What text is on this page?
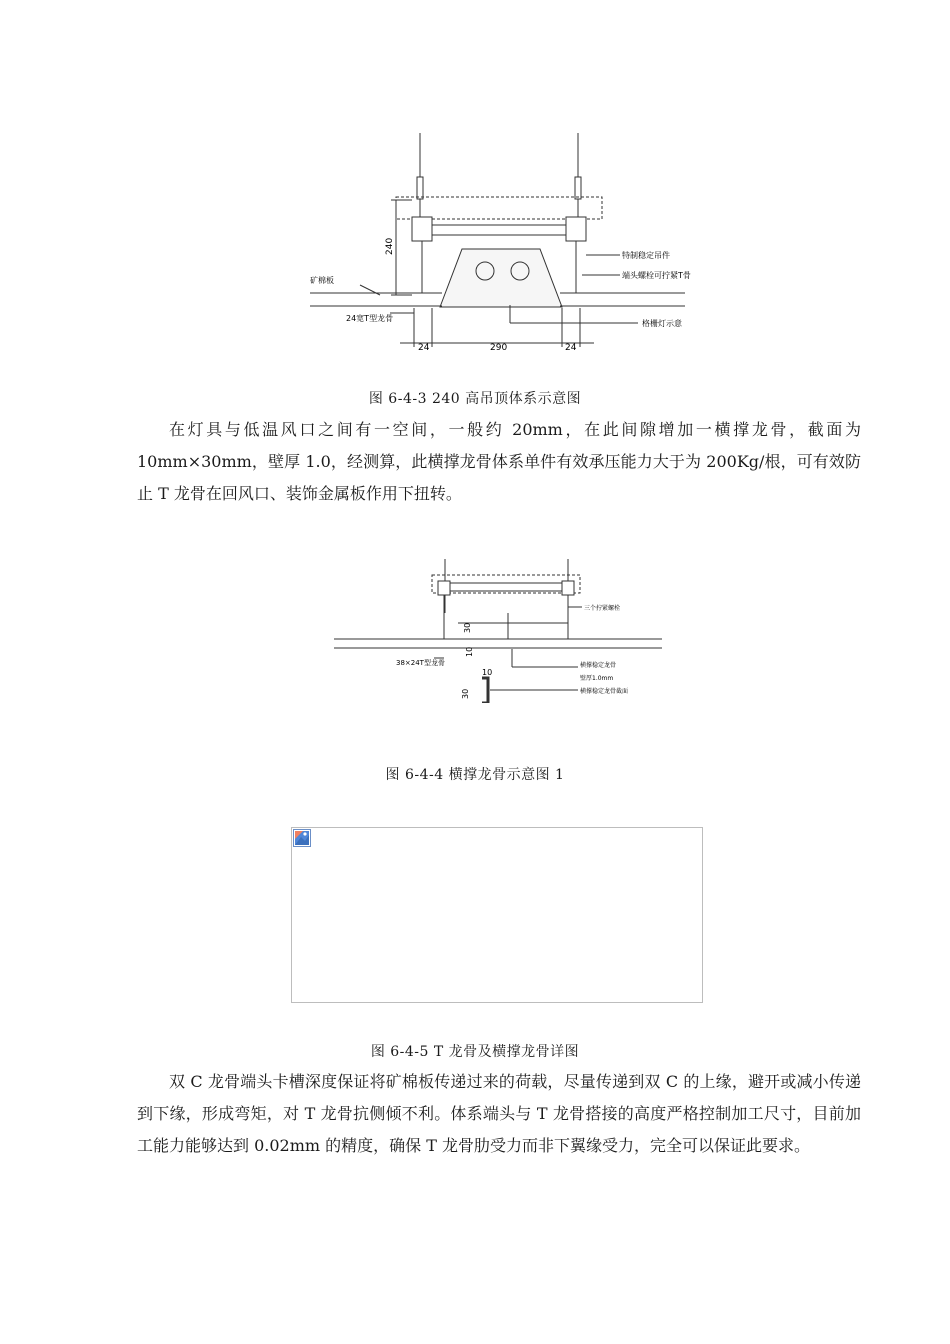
240
特制稳定吊件
端头螺栓可拧紧T骨
矿棉板
24宽T型龙骨
格栅灯示意
24	290	24
图 6-4-3 240 高吊顶体系示意图

在灯具与低温风口之间有一空间，一般约 20mm，在此间隙增加一横撑龙骨，截面为 10mm×30mm，壁厚 1.0，经测算，此横撑龙骨体系单件有效承压能力大于为 200Kg/根，可有效防止 T 龙骨在回风口、装饰金属板作用下扭转。

30
10
三个拧紧螺栓
38×24T型龙骨	横撑稳定龙骨
壁厚1.0mm
10
30	横撑稳定龙骨截面
图 6-4-4 横撑龙骨示意图 1
图 6-4-5 T 龙骨及横撑龙骨详图

双 C 龙骨端头卡槽深度保证将矿棉板传递过来的荷载，尽量传递到双 C 的上缘，避开或减小传递到下缘，形成弯矩，对 T 龙骨抗侧倾不利。体系端头与 T 龙骨搭接的高度严格控制加工尺寸，目前加工能力能够达到 0.02mm 的精度，确保 T 龙骨肋受力而非下翼缘受力，完全可以保证此要求。
